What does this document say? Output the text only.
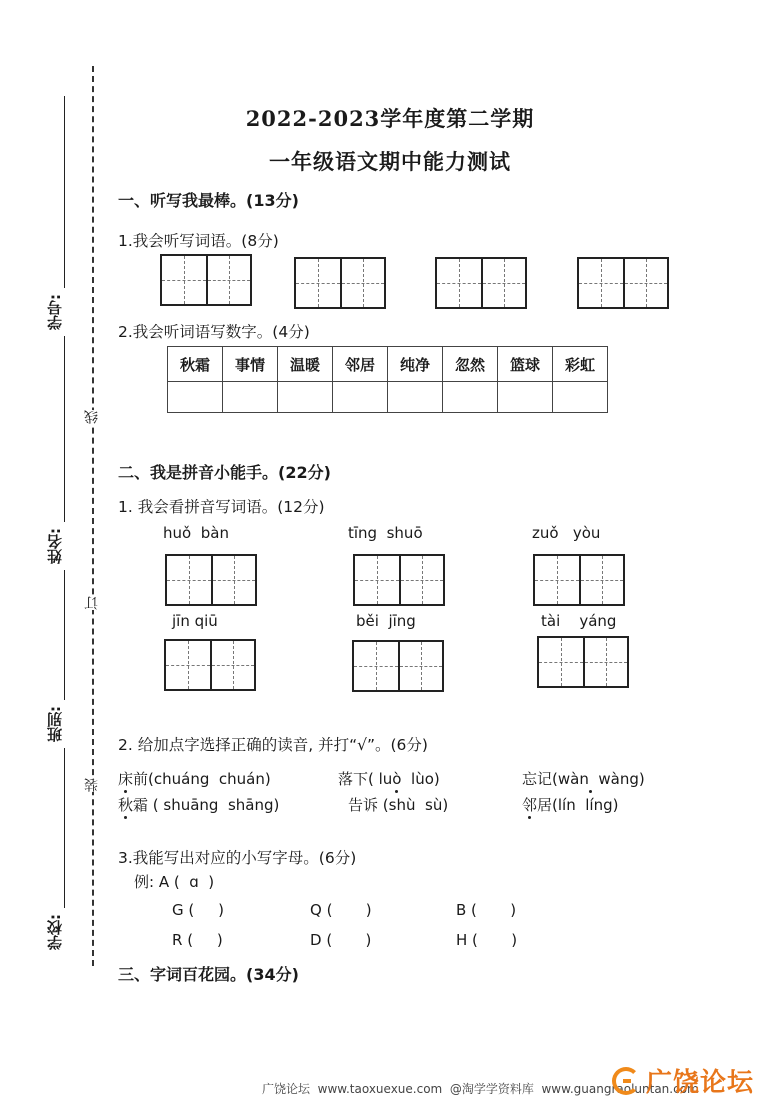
学号:
姓名:
班别:
学校:
线
订
装
2022-2023学年度第二学期
一年级语文期中能力测试
一、听写我最棒。(13分)
1.我会听写词语。(8分)
2.我会听词语写数字。(4分)
秋霜	事情	温暖	邻居	纯净	忽然	篮球	彩虹

二、我是拼音小能手。(22分)
1. 我会看拼音写词语。(12分)
huǒ  bàn	tīng  shuō	zuǒ   yòu
jīn qiū	běi  jīng	tài    yáng
2. 给加点字选择正确的读音, 并打“√”。(6分)
床前(chuáng  chuán)	落下( luò  lùo)	忘记(wàn  wàng)
秋霜 ( shuāng  shāng)	告诉 (shù  sù)	邻居(lín  líng)
3.我能写出对应的小写字母。(6分)
例: A (  ɑ  )
G (     )	Q (       )	B (       )
R (     )	D (       )	H (       )
三、字词百花园。(34分)
广饶论坛  www.taoxuexue.com  @淘学学资料库  www.guangraoluntan.com
广饶论坛
